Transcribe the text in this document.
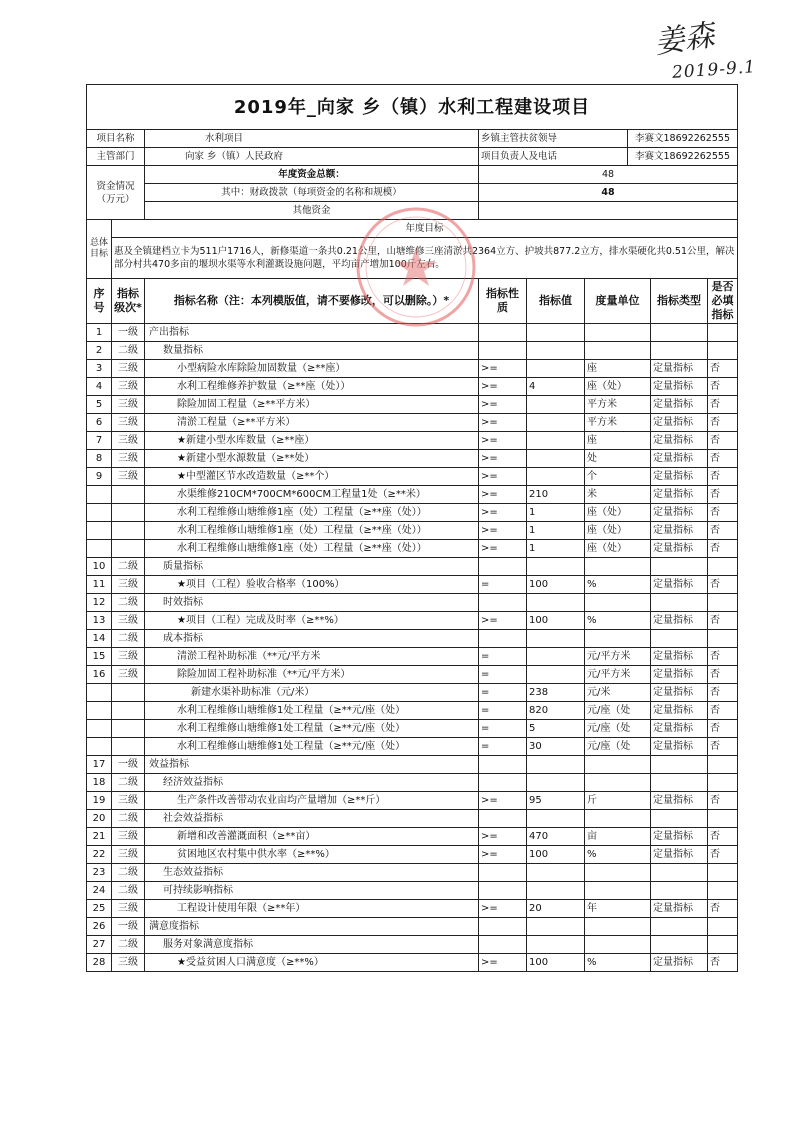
姜森
2019-9.1
2019年_向家 乡（镇）水利工程建设项目								
项目名称		水利项目	乡镇主管扶贫领导			李赛文18692262555		
主管部门		向家 乡（镇）人民政府	项目负责人及电话			李赛文18692262555		
资金情况（万元）		年度资金总额：	48					
		其中：财政拨款（每项资金的名称和规模）	48					
		其他资金						
总体目标	年度目标							
	惠及全镇建档立卡为511户1716人，新修渠道一条共0.21公里，山塘维修三座清淤共2364立方、护坡共877.2立方，排水渠硬化共0.51公里，解决部分村共470多亩的堰坝水渠等水利灌溉设施问题，平均亩产增加100斤左右。							
序号	指标级次*	指标名称（注：本列模版值，请不要修改，可以删除。）*	指标性质	指标值	度量单位		指标类型	是否必填指标
1	一级	产出指标						
2	二级	数量指标						
3	三级	小型病险水库除险加固数量（≥**座）	>=		座		定量指标	否
4	三级	水利工程维修养护数量（≥**座（处））	>=	4	座（处）		定量指标	否
5	三级	除险加固工程量（≥**平方米）	>=		平方米		定量指标	否
6	三级	清淤工程量（≥**平方米）	>=		平方米		定量指标	否
7	三级	★新建小型水库数量（≥**座）	>=		座		定量指标	否
8	三级	★新建小型水源数量（≥**处）	>=		处		定量指标	否
9	三级	★中型灌区节水改造数量（≥**个）	>=		个		定量指标	否
		水渠维修210CM*700CM*600CM工程量1处（≥**米）	>=	210	米		定量指标	否
		水利工程维修山塘维修1座（处）工程量（≥**座（处））	>=	1	座（处）		定量指标	否
		水利工程维修山塘维修1座（处）工程量（≥**座（处））	>=	1	座（处）		定量指标	否
		水利工程维修山塘维修1座（处）工程量（≥**座（处））	>=	1	座（处）		定量指标	否
10	二级	质量指标						
11	三级	★项目（工程）验收合格率（100%）	=	100	%		定量指标	否
12	二级	时效指标						
13	三级	★项目（工程）完成及时率（≥**%）	>=	100	%		定量指标	否
14	二级	成本指标						
15	三级	清淤工程补助标准（**元/平方米	=		元/平方米		定量指标	否
16	三级	除险加固工程补助标准（**元/平方米）	=		元/平方米		定量指标	否
		新建水渠补助标准（元/米）	=	238	元/米		定量指标	否
		水利工程维修山塘维修1处工程量（≥**元/座（处）	=	820	元/座（处		定量指标	否
		水利工程维修山塘维修1处工程量（≥**元/座（处）	=	5	元/座（处		定量指标	否
		水利工程维修山塘维修1处工程量（≥**元/座（处）	=	30	元/座（处		定量指标	否
17	一级	效益指标						
18	二级	经济效益指标						
19	三级	生产条件改善带动农业亩均产量增加（≥**斤）	>=	95	斤		定量指标	否
20	二级	社会效益指标						
21	三级	新增和改善灌溉面积（≥**亩）	>=	470	亩		定量指标	否
22	三级	贫困地区农村集中供水率（≥**%）	>=	100	%		定量指标	否
23	二级	生态效益指标						
24	二级	可持续影响指标						
25	三级	工程设计使用年限（≥**年）	>=	20	年		定量指标	否
26	一级	满意度指标						
27	二级	服务对象满意度指标						
28	三级	★受益贫困人口满意度（≥**%）	>=	100	%		定量指标	否
